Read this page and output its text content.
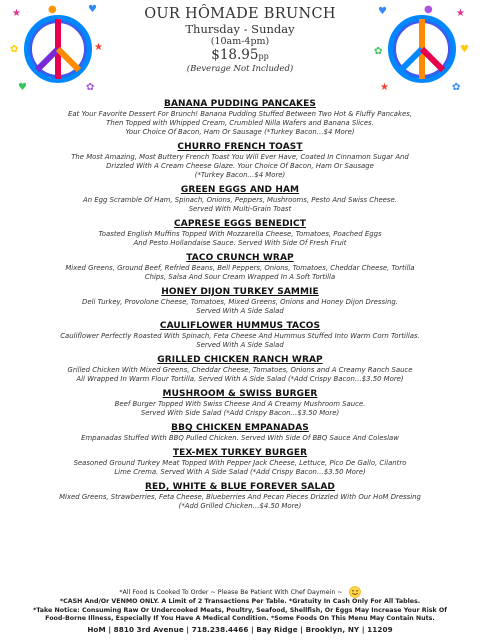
★	♥
✿	★
♥	✿
●	♥	★
✿	♥
★	✿
●
OUR HÔMADE BRUNCH
Thursday - Sunday
(10am-4pm)
$18.95pp
(Beverage Not Included)
BANANA PUDDING PANCAKES
Eat Your Favorite Dessert For Brunch! Banana Pudding Stuffed Between Two Hot & Fluffy Pancakes,
Then Topped with Whipped Cream, Crumbled Nilla Wafers and Banana Slices.
Your Choice Of Bacon, Ham Or Sausage (*Turkey Bacon…$4 More)
CHURRO FRENCH TOAST
The Most Amazing, Most Buttery French Toast You Will Ever Have, Coated In Cinnamon Sugar And
Drizzled With A Cream Cheese Glaze. Your Choice Of Bacon, Ham Or Sausage
(*Turkey Bacon…$4 More)
GREEN EGGS AND HAM
An Egg Scramble Of Ham, Spinach, Onions, Peppers, Mushrooms, Pesto And Swiss Cheese.
Served With Multi-Grain Toast
CAPRESE EGGS BENEDICT
Toasted English Muffins Topped With Mozzarella Cheese, Tomatoes, Poached Eggs
And Pesto Hollandaise Sauce. Served With Side Of Fresh Fruit
TACO CRUNCH WRAP
Mixed Greens, Ground Beef, Refried Beans, Bell Peppers, Onions, Tomatoes, Cheddar Cheese, Tortilla
Chips, Salsa And Sour Cream Wrapped In A Soft Tortilla
HONEY DIJON TURKEY SAMMIE
Deli Turkey, Provolone Cheese, Tomatoes, Mixed Greens, Onions and Honey Dijon Dressing.
Served With A Side Salad
CAULIFLOWER HUMMUS TACOS
Cauliflower Perfectly Roasted With Spinach, Feta Cheese And Hummus Stuffed Into Warm Corn Tortillas.
Served With A Side Salad
GRILLED CHICKEN RANCH WRAP
Grilled Chicken With Mixed Greens, Cheddar Cheese, Tomatoes, Onions and A Creamy Ranch Sauce
All Wrapped In Warm Flour Tortilla. Served With A Side Salad (*Add Crispy Bacon…$3.50 More)
MUSHROOM & SWISS BURGER
Beef Burger Topped With Swiss Cheese And A Creamy Mushroom Sauce.
Served With Side Salad (*Add Crispy Bacon…$3.50 More)
BBQ CHICKEN EMPANADAS
Empanadas Stuffed With BBQ Pulled Chicken. Served With Side Of BBQ Sauce And Coleslaw
TEX-MEX TURKEY BURGER
Seasoned Ground Turkey Meat Topped With Pepper Jack Cheese, Lettuce, Pico De Gallo, Cilantro
Lime Crema. Served With A Side Salad (*Add Crispy Bacon…$3.50 More)
RED, WHITE & BLUE FOREVER SALAD
Mixed Greens, Strawberries, Feta Cheese, Blueberries And Pecan Pieces Drizzled With Our HoM Dressing
(*Add Grilled Chicken…$4.50 More)
*All Food Is Cooked To Order ~ Please Be Patient With Chef Daymein ~
*CASH And/Or VENMO ONLY. A Limit of 2 Transactions Per Table. *Gratuity In Cash Only For All Tables.
*Take Notice: Consuming Raw Or Undercooked Meats, Poultry, Seafood, Shellfish, Or Eggs May Increase Your Risk Of
Food-Borne Illness, Especially If You Have A Medical Condition. *Some Foods On This Menu May Contain Nuts.
HoM | 8810 3rd Avenue | 718.238.4466 | Bay Ridge | Brooklyn, NY | 11209
